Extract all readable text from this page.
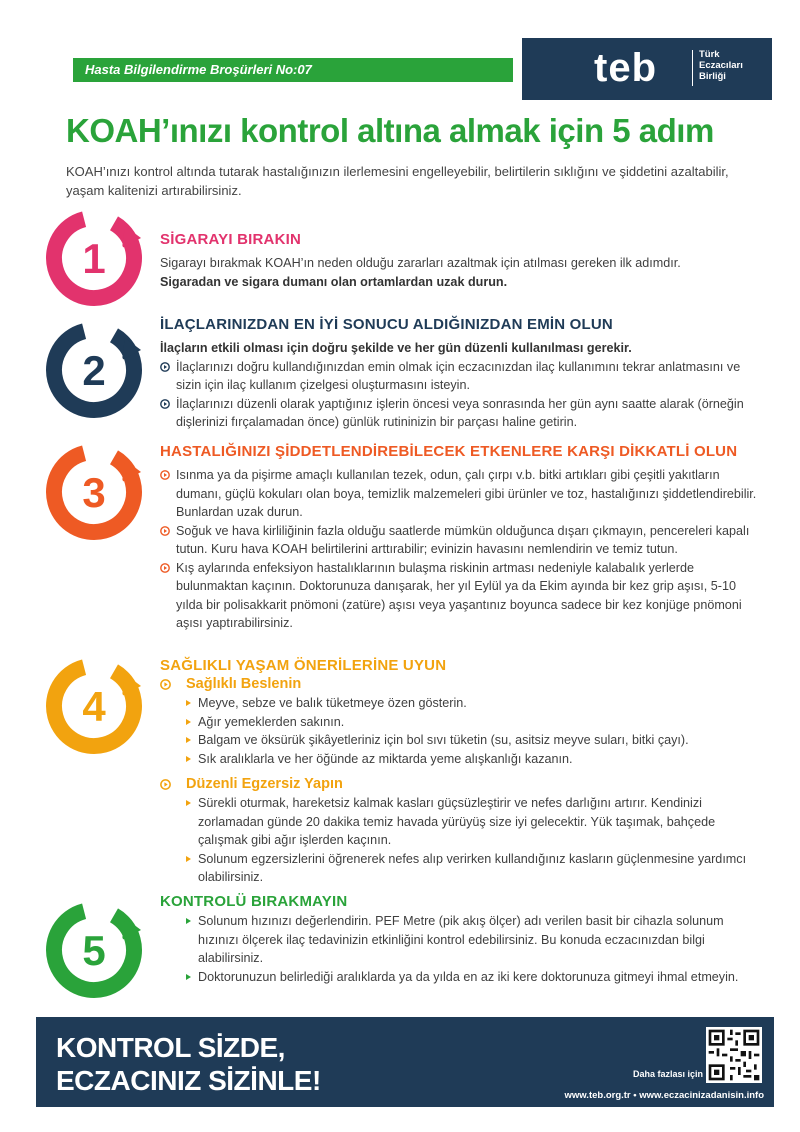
Hasta Bilgilendirme Broşürleri No:07	teb	Türk
Eczacıları
Birliği
KOAH’ınızı kontrol altına almak için 5 adım
KOAH’ınızı kontrol altında tutarak hastalığınızın ilerlemesini engelleyebilir, belirtilerin sıklığını ve şiddetini azaltabilir, yaşam kalitenizi artırabilirsiniz.
1
2
3
4
5
SİGARAYI BIRAKIN
Sigarayı bırakmak KOAH’ın neden olduğu zararları azaltmak için atılması gereken ilk adımdır.
Sigaradan ve sigara dumanı olan ortamlardan uzak durun.
İLAÇLARINIZDAN EN İYİ SONUCU ALDIĞINIZDAN EMİN OLUN
İlaçların etkili olması için doğru şekilde ve her gün düzenli kullanılması gerekir.
İlaçlarınızı doğru kullandığınızdan emin olmak için eczacınızdan ilaç kullanımını tekrar anlatmasını ve sizin için ilaç kullanım çizelgesi oluşturmasını isteyin.
İlaçlarınızı düzenli olarak yaptığınız işlerin öncesi veya sonrasında her gün aynı saatte alarak (örneğin dişlerinizi fırçalamadan önce) günlük rutininizin bir parçası haline getirin.
HASTALIĞINIZI ŞİDDETLENDİREBİLECEK ETKENLERE KARŞI DİKKATLİ OLUN
Isınma ya da pişirme amaçlı kullanılan tezek, odun, çalı çırpı v.b. bitki artıkları gibi çeşitli yakıtların dumanı, güçlü kokuları olan boya, temizlik malzemeleri gibi ürünler ve toz, hastalığınızı şiddetlendirebilir. Bunlardan uzak durun.
Soğuk ve hava kirliliğinin fazla olduğu saatlerde mümkün olduğunca dışarı çıkmayın, pencereleri kapalı tutun. Kuru hava KOAH belirtilerini arttırabilir; evinizin havasını nemlendirin ve temiz tutun.
Kış aylarında enfeksiyon hastalıklarının bulaşma riskinin artması nedeniyle kalabalık yerlerde bulunmaktan kaçının. Doktorunuza danışarak, her yıl Eylül ya da Ekim ayında bir kez grip aşısı, 5-10 yılda bir polisakkarit pnömoni (zatüre) aşısı veya yaşantınız boyunca sadece bir kez konjüge pnömoni aşısı yaptırabilirsiniz.
SAĞLIKLI YAŞAM ÖNERİLERİNE UYUN
Sağlıklı Beslenin
Meyve, sebze ve balık tüketmeye özen gösterin.
Ağır yemeklerden sakının.
Balgam ve öksürük şikâyetleriniz için bol sıvı tüketin (su, asitsiz meyve suları, bitki çayı).
Sık aralıklarla ve her öğünde az miktarda yeme alışkanlığı kazanın.
Düzenli Egzersiz Yapın
Sürekli oturmak, hareketsiz kalmak kasları güçsüzleştirir ve nefes darlığını artırır. Kendinizi zorlamadan günde 20 dakika temiz havada yürüyüş size iyi gelecektir. Yük taşımak, bahçede çalışmak gibi ağır işlerden kaçının.
Solunum egzersizlerini öğrenerek nefes alıp verirken kullandığınız kasların güçlenmesine yardımcı olabilirsiniz.
KONTROLÜ BIRAKMAYIN
Solunum hızınızı değerlendirin. PEF Metre (pik akış ölçer) adı verilen basit bir cihazla solunum hızınızı ölçerek ilaç tedavinizin etkinliğini kontrol edebilirsiniz. Bu konuda eczacınızdan bilgi alabilirsiniz.
Doktorunuzun belirlediği aralıklarda ya da yılda en az iki kere doktorunuza gitmeyi ihmal etmeyin.
KONTROL SİZDE,
ECZACINIZ SİZİNLE!	Daha fazlası için
www.teb.org.tr • www.eczacinizadanisin.info
